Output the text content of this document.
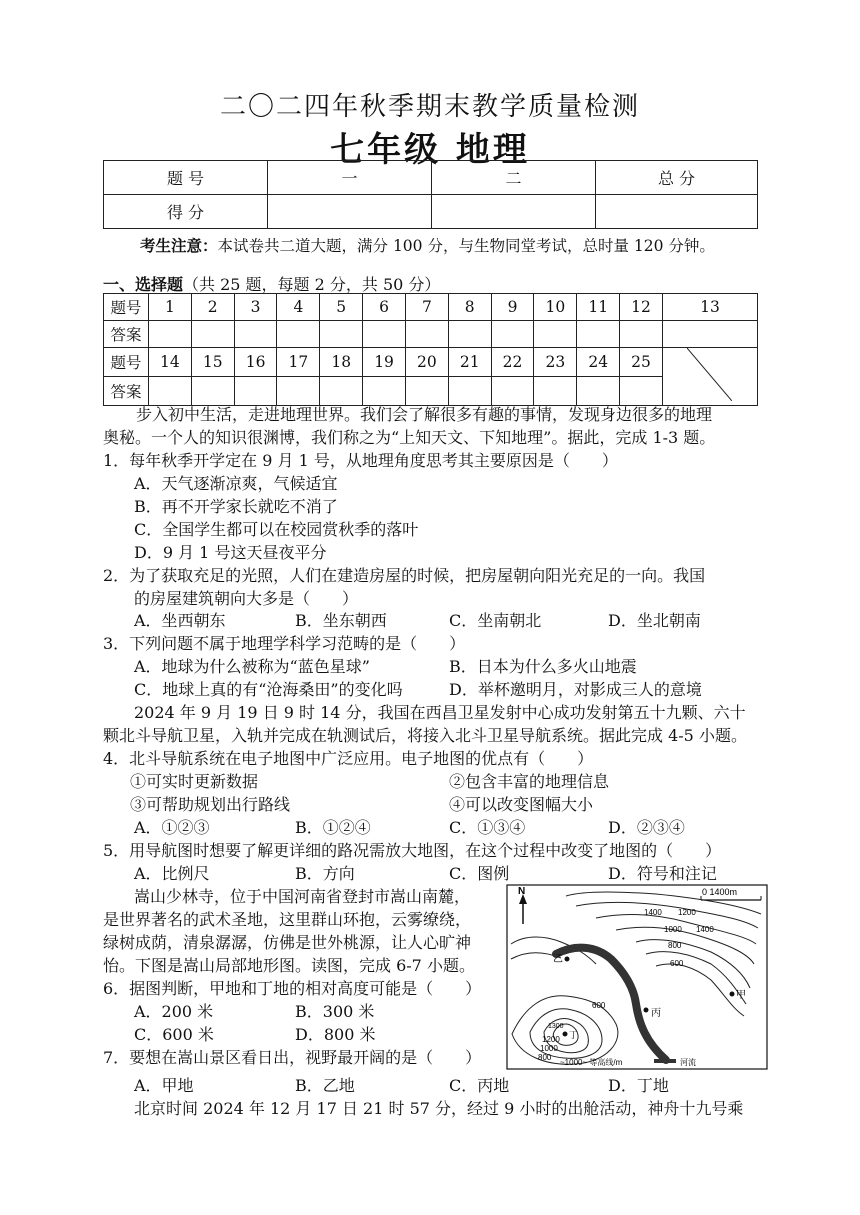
二〇二四年秋季期末教学质量检测
七年级 地理
题 号	一	二	总 分
得 分			
考生注意：本试卷共二道大题，满分 100 分，与生物同堂考试，总时量 120 分钟。
一、选择题（共 25 题，每题 2 分，共 50 分）
题号	1	2	3	4	5	6	7	8	9	10	11	12	13
答案													
题号	14	15	16	17	18	19	20	21	22	23	24	25	
答案													
步入初中生活，走进地理世界。我们会了解很多有趣的事情，发现身边很多的地理
奥秘。一个人的知识很渊博，我们称之为“上知天文、下知地理”。据此，完成 1-3 题。
1．每年秋季开学定在 9 月 1 号，从地理角度思考其主要原因是（　　）
A．天气逐渐凉爽，气候适宜
B．再不开学家长就吃不消了
C．全国学生都可以在校园赏秋季的落叶
D．9 月 1 号这天昼夜平分
2．为了获取充足的光照，人们在建造房屋的时候，把房屋朝向阳光充足的一向。我国
的房屋建筑朝向大多是（　　）
A．坐西朝东	B．坐东朝西	C．坐南朝北	D．坐北朝南
3．下列问题不属于地理学科学习范畴的是（　　）
A．地球为什么被称为“蓝色星球”	B．日本为什么多火山地震
C．地球上真的有“沧海桑田”的变化吗	D．举杯邀明月，对影成三人的意境
2024 年 9 月 19 日 9 时 14 分，我国在西昌卫星发射中心成功发射第五十九颗、六十
颗北斗导航卫星，入轨并完成在轨测试后，将接入北斗卫星导航系统。据此完成 4-5 小题。
4．北斗导航系统在电子地图中广泛应用。电子地图的优点有（　　）
①可实时更新数据	②包含丰富的地理信息
③可帮助规划出行路线	④可以改变图幅大小
A．①②③	B．①②④	C．①③④	D．②③④
5．用导航图时想要了解更详细的路况需放大地图，在这个过程中改变了地图的（　　）
A．比例尺	B．方向	C．图例	D．符号和注记
嵩山少林寺，位于中国河南省登封市嵩山南麓，
是世界著名的武术圣地，这里群山环抱，云雾缭绕，
绿树成荫，清泉潺潺，仿佛是世外桃源，让人心旷神
怡。下图是嵩山局部地形图。读图，完成 6-7 小题。
6．据图判断，甲地和丁地的相对高度可能是（　　）
A．200 米	B．300 米
C．600 米	D．800 米
7．要想在嵩山景区看日出，视野最开阔的是（　　）
A．甲地	B．乙地	C．丙地	D．丁地
北京时间 2024 年 12 月 17 日 21 时 57 分，经过 9 小时的出舱活动，神舟十九号乘
N	0 1400m
1400 1200
1000
800
600
1400
600
1300
1200
1000
800
乙
甲
丙
丁
~1000~ 等高线/m	河流
